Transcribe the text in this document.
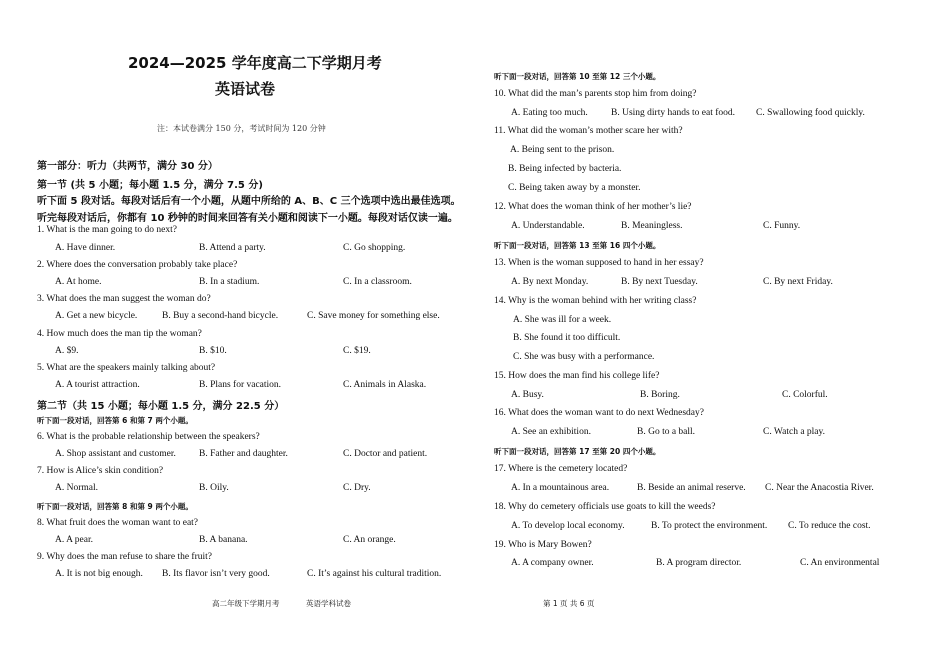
2024—2025 学年度高二下学期月考
英语试卷
注：本试卷满分 150 分，考试时间为 120 分钟
第一部分：听力（共两节，满分 30 分）
第一节 (共 5 小题；每小题 1.5 分，满分 7.5 分)
听下面 5 段对话。每段对话后有一个小题，从题中所给的 A、B、C 三个选项中选出最佳选项。
听完每段对话后，你都有 10 秒钟的时间来回答有关小题和阅读下一小题。每段对话仅读一遍。
1. What is the man going to do next?
A. Have dinner.	B. Attend a party.	C. Go shopping.
2. Where does the conversation probably take place?
A. At home.	B. In a stadium.	C. In a classroom.
3. What does the man suggest the woman do?
A. Get a new bicycle.	B. Buy a second-hand bicycle.	C. Save money for something else.
4. How much does the man tip the woman?
A. $9.	B. $10.	C. $19.
5. What are the speakers mainly talking about?
A. A tourist attraction.	B. Plans for vacation.	C. Animals in Alaska.
第二节（共 15 小题；每小题 1.5 分，满分 22.5 分）
听下面一段对话，回答第 6 和第 7 两个小题。
6. What is the probable relationship between the speakers?
A. Shop assistant and customer. B. Father and daughter.	C. Doctor and patient.
7. How is Alice’s skin condition?
A. Normal.	B. Oily.	C. Dry.
听下面一段对话，回答第 8 和第 9 两个小题。
8. What fruit does the woman want to eat?
A. A pear.	B. A banana.	C. An orange.
9. Why does the man refuse to share the fruit?
A. It is not big enough. B. Its flavor isn’t very good.	C. It’s against his cultural tradition.
听下面一段对话，回答第 10 至第 12 三个小题。
10. What did the man’s parents stop him from doing?
A. Eating too much. B. Using dirty hands to eat food. C. Swallowing food quickly.
11. What did the woman’s mother scare her with?
A. Being sent to the prison.
B. Being infected by bacteria.
C. Being taken away by a monster.
12. What does the woman think of her mother’s lie?
A. Understandable.	B. Meaningless.	C. Funny.
听下面一段对话，回答第 13 至第 16 四个小题。
13. When is the woman supposed to hand in her essay?
A. By next Monday.	B. By next Tuesday.	C. By next Friday.
14. Why is the woman behind with her writing class?
A. She was ill for a week.
B. She found it too difficult.
C. She was busy with a performance.
15. How does the man find his college life?
A. Busy.	B. Boring.	C. Colorful.
16. What does the woman want to do next Wednesday?
A. See an exhibition.	B. Go to a ball.	C. Watch a play.
听下面一段对话，回答第 17 至第 20 四个小题。
17. Where is the cemetery located?
A. In a mountainous area.	B. Beside an animal reserve. C. Near the Anacostia River.
18. Why do cemetery officials use goats to kill the weeds?
A. To develop local economy.	B. To protect the environment. C. To reduce the cost.
19. Who is Mary Bowen?
A. A company owner.	B. A program director.	C. An environmental
高二年级下学期月考	英语学科试卷	第 1 页 共 6 页
